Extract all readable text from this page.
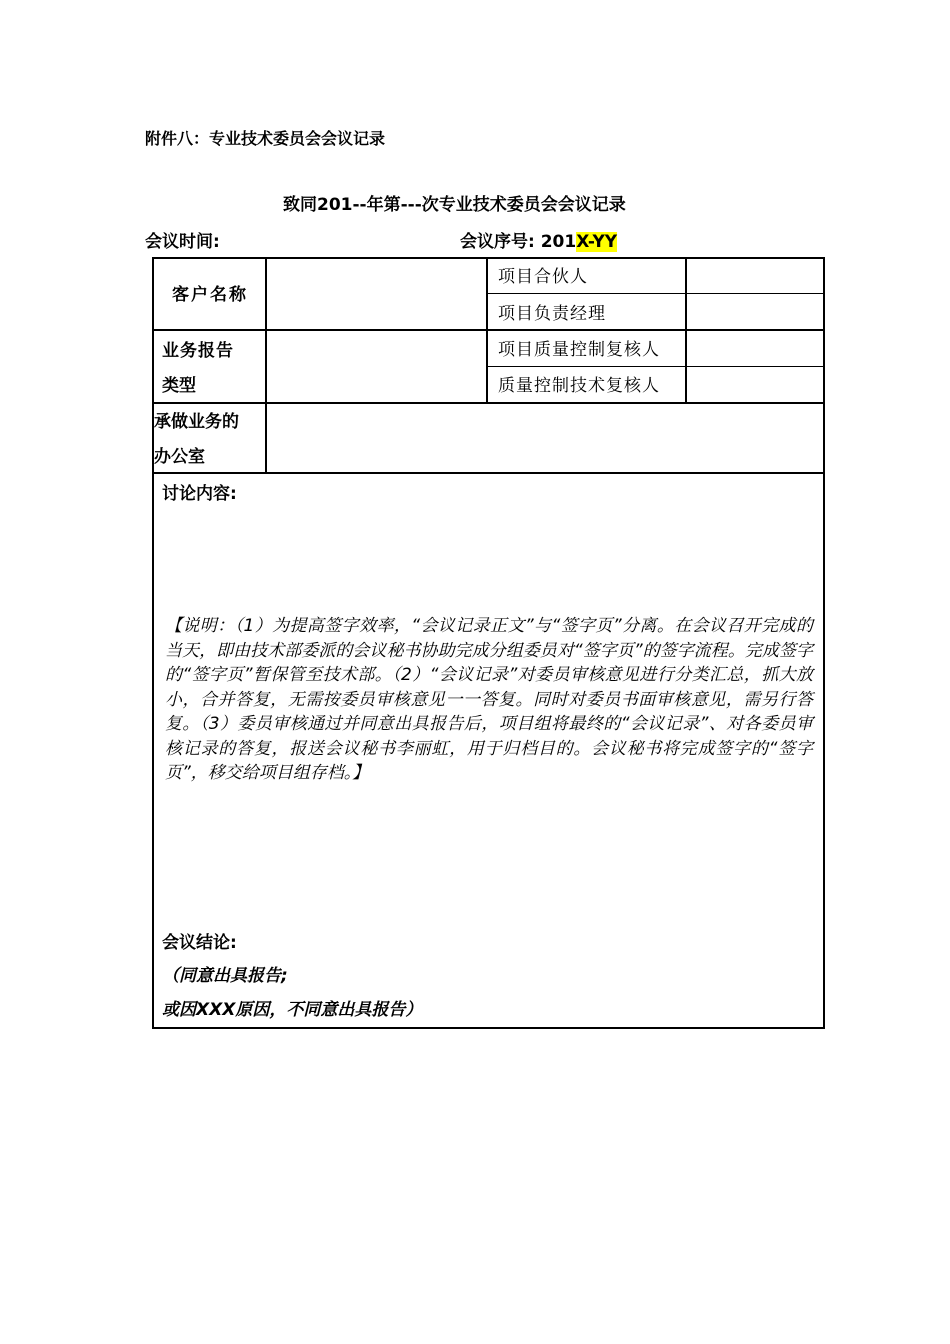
附件八：专业技术委员会会议记录
致同201--年第---次专业技术委员会会议记录
会议时间:	会议序号: 201X-YY
客户名称
业务报告
类型
承做业务的
办公室
项目合伙人
项目负责经理
项目质量控制复核人
质量控制技术复核人
讨论内容:
【说明：（1）为提高签字效率，“会议记录正文”与“签字页”分离。在会议召开完成的当天，即由技术部委派的会议秘书协助完成分组委员对“签字页”的签字流程。完成签字的“签字页”暂保管至技术部。（2）“会议记录”对委员审核意见进行分类汇总，抓大放小，合并答复，无需按委员审核意见一一答复。同时对委员书面审核意见，需另行答复。（3）委员审核通过并同意出具报告后，项目组将最终的“会议记录”、对各委员审核记录的答复，报送会议秘书李丽虹，用于归档目的。会议秘书将完成签字的“签字页”，移交给项目组存档。】
会议结论:
（同意出具报告;
或因XXX原因，不同意出具报告）
